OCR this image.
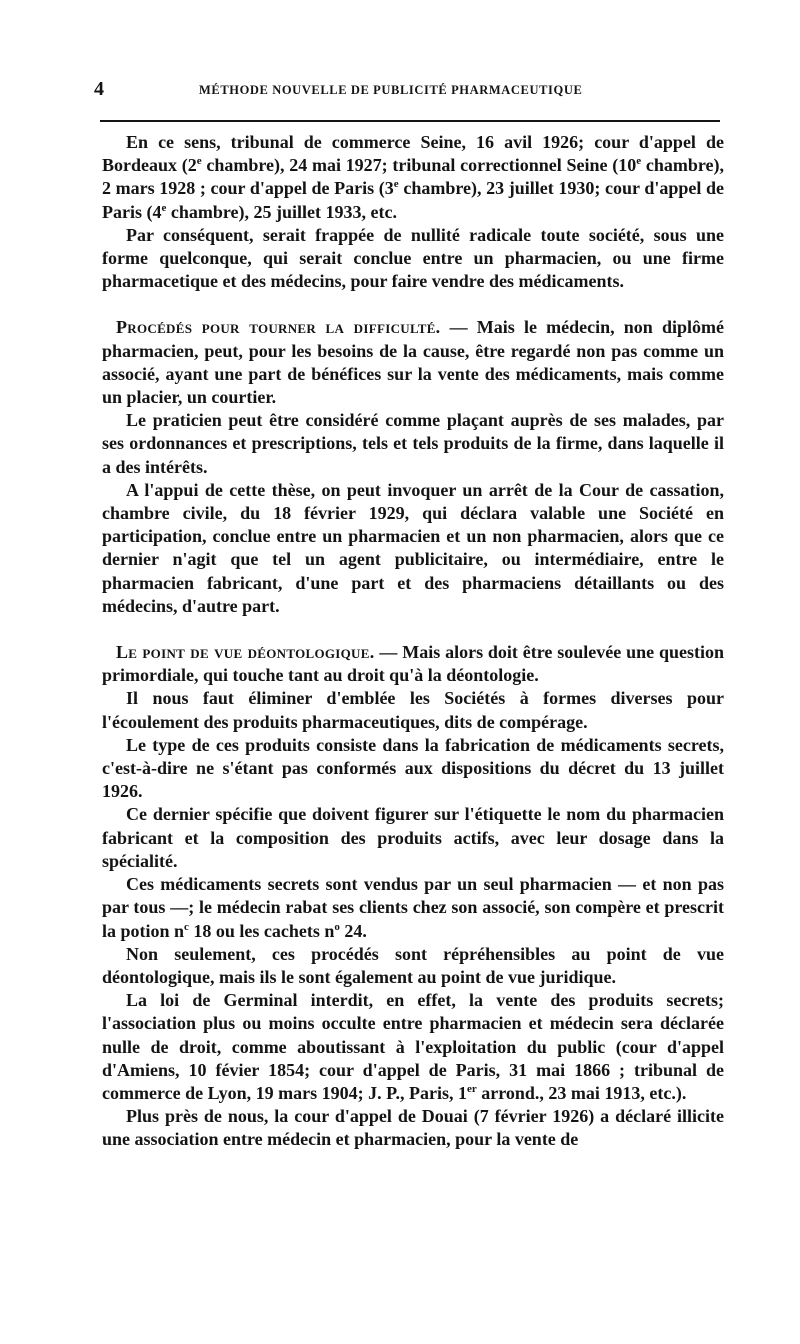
4	MÉTHODE NOUVELLE DE PUBLICITÉ PHARMACEUTIQUE

En ce sens, tribunal de commerce Seine, 16 avil 1926; cour d'appel de Bordeaux (2e chambre), 24 mai 1927; tribunal correctionnel Seine (10e chambre), 2 mars 1928 ; cour d'appel de Paris (3e chambre), 23 juillet 1930; cour d'appel de Paris (4e chambre), 25 juillet 1933, etc.

Par conséquent, serait frappée de nullité radicale toute société, sous une forme quelconque, qui serait conclue entre un pharmacien, ou une firme pharmacetique et des médecins, pour faire vendre des médicaments.

Procédés pour tourner la difficulté. — Mais le médecin, non diplômé pharmacien, peut, pour les besoins de la cause, être regardé non pas comme un associé, ayant une part de bénéfices sur la vente des médicaments, mais comme un placier, un courtier.

Le praticien peut être considéré comme plaçant auprès de ses malades, par ses ordonnances et prescriptions, tels et tels produits de la firme, dans laquelle il a des intérêts.

A l'appui de cette thèse, on peut invoquer un arrêt de la Cour de cassation, chambre civile, du 18 février 1929, qui déclara valable une Société en participation, conclue entre un pharmacien et un non pharmacien, alors que ce dernier n'agit que tel un agent publicitaire, ou intermédiaire, entre le pharmacien fabricant, d'une part et des pharmaciens détaillants ou des médecins, d'autre part.

Le point de vue déontologique. — Mais alors doit être soulevée une question primordiale, qui touche tant au droit qu'à la déontologie.

Il nous faut éliminer d'emblée les Sociétés à formes diverses pour l'écoulement des produits pharmaceutiques, dits de compérage.

Le type de ces produits consiste dans la fabrication de médicaments secrets, c'est-à-dire ne s'étant pas conformés aux dispositions du décret du 13 juillet 1926.

Ce dernier spécifie que doivent figurer sur l'étiquette le nom du pharmacien fabricant et la composition des produits actifs, avec leur dosage dans la spécialité.

Ces médicaments secrets sont vendus par un seul pharmacien — et non pas par tous —; le médecin rabat ses clients chez son associé, son compère et prescrit la potion $n^c$ 18 ou les cachets $n^o$ 24.

Non seulement, ces procédés sont répréhensibles au point de vue déontologique, mais ils le sont également au point de vue juridique.

La loi de Germinal interdit, en effet, la vente des produits secrets; l'association plus ou moins occulte entre pharmacien et médecin sera déclarée nulle de droit, comme aboutissant à l'exploitation du public (cour d'appel d'Amiens, 10 févier 1854; cour d'appel de Paris, 31 mai 1866 ; tribunal de commerce de Lyon, 19 mars 1904; J. P., Paris, 1er arrond., 23 mai 1913, etc.).

Plus près de nous, la cour d'appel de Douai (7 février 1926) a déclaré illicite une association entre médecin et pharmacien, pour la vente de
